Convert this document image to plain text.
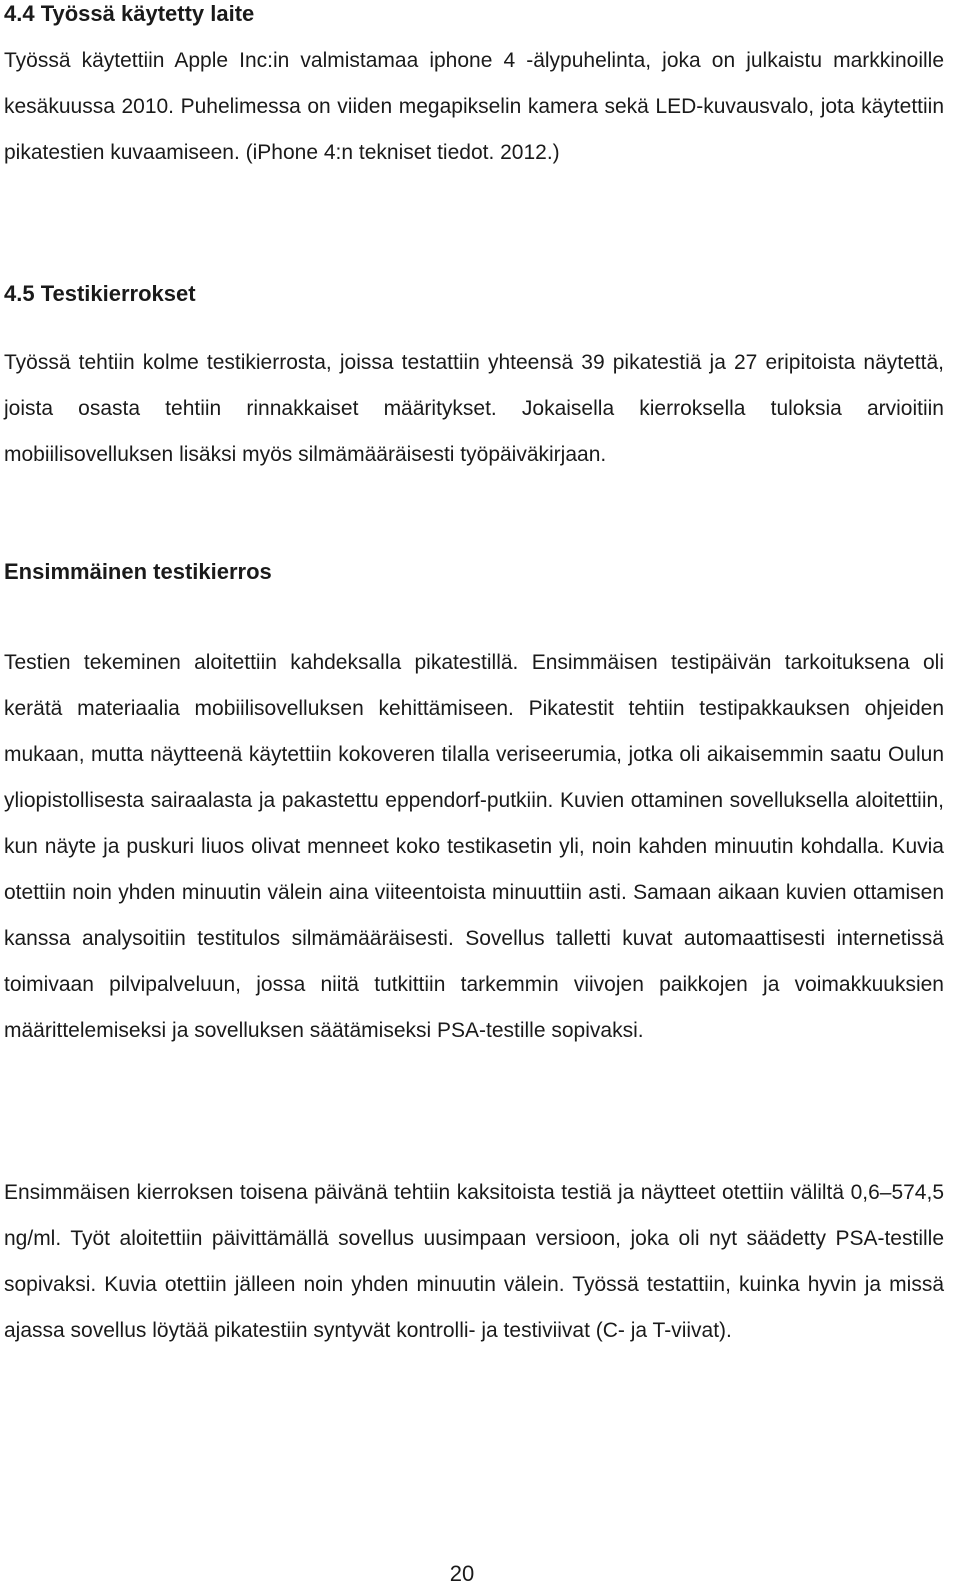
4.4 Työssä käytetty laite

Työssä käytettiin Apple Inc:in valmistamaa iphone 4 -älypuhelinta, joka on julkaistu markkinoille kesäkuussa 2010. Puhelimessa on viiden megapikselin kamera sekä LED-kuvausvalo, jota käytettiin pikatestien kuvaamiseen. (iPhone 4:n tekniset tiedot. 2012.)

4.5 Testikierrokset

Työssä tehtiin kolme testikierrosta, joissa testattiin yhteensä 39 pikatestiä ja 27 eripitoista näytettä, joista osasta tehtiin rinnakkaiset määritykset. Jokaisella kierroksella tuloksia arvioitiin mobiilisovelluksen lisäksi myös silmämääräisesti työpäiväkirjaan.

Ensimmäinen testikierros

Testien tekeminen aloitettiin kahdeksalla pikatestillä. Ensimmäisen testipäivän tarkoituksena oli kerätä materiaalia mobiilisovelluksen kehittämiseen. Pikatestit tehtiin testipakkauksen ohjeiden mukaan, mutta näytteenä käytettiin kokoveren tilalla veriseerumia, jotka oli aikaisemmin saatu Oulun yliopistollisesta sairaalasta ja pakastettu eppendorf-putkiin. Kuvien ottaminen sovelluksella aloitettiin, kun näyte ja puskuri liuos olivat menneet koko testikasetin yli, noin kahden minuutin kohdalla. Kuvia otettiin noin yhden minuutin välein aina viiteentoista minuuttiin asti. Samaan aikaan kuvien ottamisen kanssa analysoitiin testitulos silmämääräisesti. Sovellus talletti kuvat automaattisesti internetissä toimivaan pilvipalveluun, jossa niitä tutkittiin tarkemmin viivojen paikkojen ja voimakkuuksien määrittelemiseksi ja sovelluksen säätämiseksi PSA-testille sopivaksi.

Ensimmäisen kierroksen toisena päivänä tehtiin kaksitoista testiä ja näytteet otettiin väliltä 0,6–574,5 ng/ml. Työt aloitettiin päivittämällä sovellus uusimpaan versioon, joka oli nyt säädetty PSA-testille sopivaksi. Kuvia otettiin jälleen noin yhden minuutin välein. Työssä testattiin, kuinka hyvin ja missä ajassa sovellus löytää pikatestiin syntyvät kontrolli- ja testiviivat (C- ja T-viivat).

20
